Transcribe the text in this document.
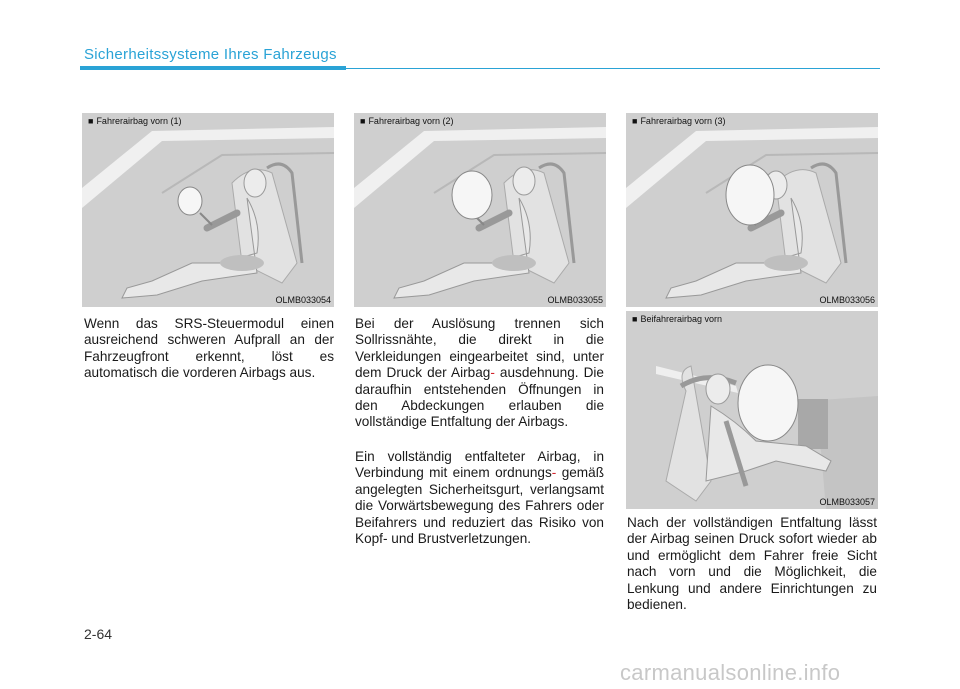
Sicherheitssysteme Ihres Fahrzeugs
■ Fahrerairbag vorn (1)
OLMB033054
■ Fahrerairbag vorn (2)
OLMB033055
■ Fahrerairbag vorn (3)
OLMB033056
■ Beifahrerairbag vorn
OLMB033057

Wenn das SRS-Steuermodul einen ausreichend schweren Aufprall an der Fahrzeugfront erkennt, löst es automatisch die vorderen Airbags aus.

Bei der Auslösung trennen sich Sollrissnähte, die direkt in die Verkleidungen eingearbeitet sind, unter dem Druck der Airbag- ausdehnung. Die daraufhin entstehenden Öffnungen in den Abdeckungen erlauben die vollständige Entfaltung der Airbags.

Ein vollständig entfalteter Airbag, in Verbindung mit einem ordnungs- gemäß angelegten Sicherheitsgurt, verlangsamt die Vorwärtsbewegung des Fahrers oder Beifahrers und reduziert das Risiko von Kopf- und Brustverletzungen.

Nach der vollständigen Entfaltung lässt der Airbag seinen Druck sofort wieder ab und ermöglicht dem Fahrer freie Sicht nach vorn und die Möglichkeit, die Lenkung und andere Einrichtungen zu bedienen.

2-64
carmanualsonline.info
